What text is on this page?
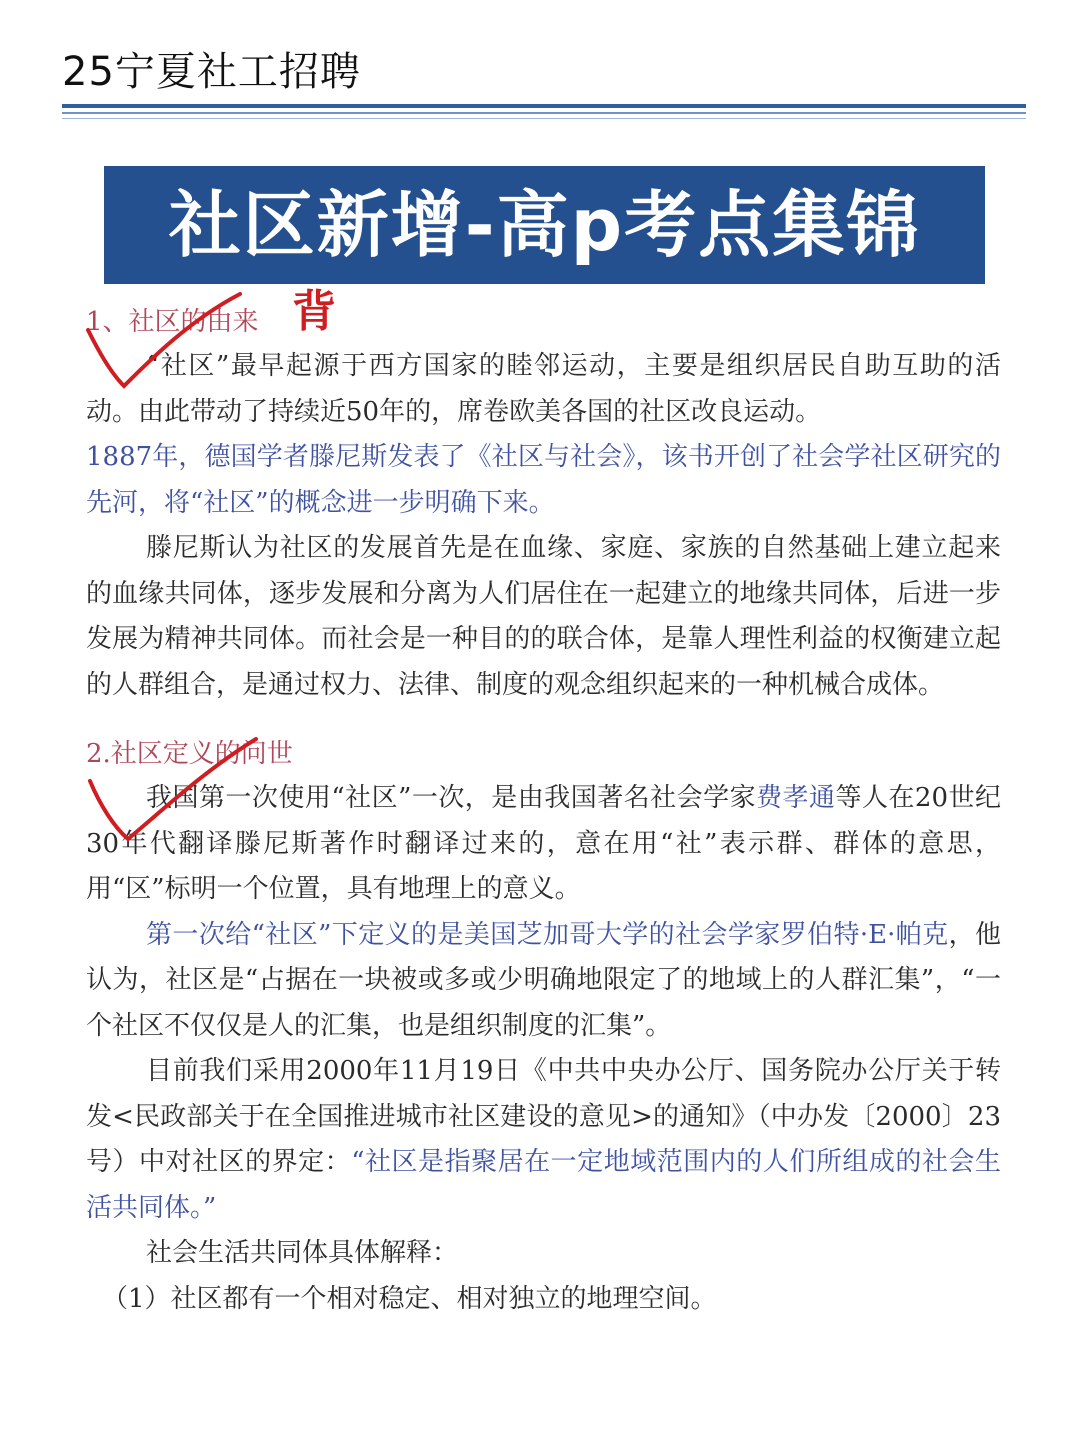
25宁夏社工招聘
社区新增-高p考点集锦
1、社区的由来 背

“社区”最早起源于西方国家的睦邻运动，主要是组织居民自助互助的活动。由此带动了持续近50年的，席卷欧美各国的社区改良运动。

1887年，德国学者滕尼斯发表了《社区与社会》，该书开创了社会学社区研究的先河，将“社区”的概念进一步明确下来。

滕尼斯认为社区的发展首先是在血缘、家庭、家族的自然基础上建立起来的血缘共同体，逐步发展和分离为人们居住在一起建立的地缘共同体，后进一步发展为精神共同体。而社会是一种目的的联合体，是靠人理性利益的权衡建立起的人群组合，是通过权力、法律、制度的观念组织起来的一种机械合成体。

2.社区定义的问世

我国第一次使用“社区”一次，是由我国著名社会学家费孝通等人在20世纪30年代翻译滕尼斯著作时翻译过来的，意在用“社”表示群、群体的意思，用“区”标明一个位置，具有地理上的意义。

第一次给“社区”下定义的是美国芝加哥大学的社会学家罗伯特·E·帕克，他认为，社区是“占据在一块被或多或少明确地限定了的地域上的人群汇集”，“一个社区不仅仅是人的汇集，也是组织制度的汇集”。

目前我们采用2000年11月19日《中共中央办公厅、国务院办公厅关于转发<民政部关于在全国推进城市社区建设的意见>的通知》（中办发〔2000〕23号）中对社区的界定：“社区是指聚居在一定地域范围内的人们所组成的社会生活共同体。”

社会生活共同体具体解释：

（1）社区都有一个相对稳定、相对独立的地理空间。
